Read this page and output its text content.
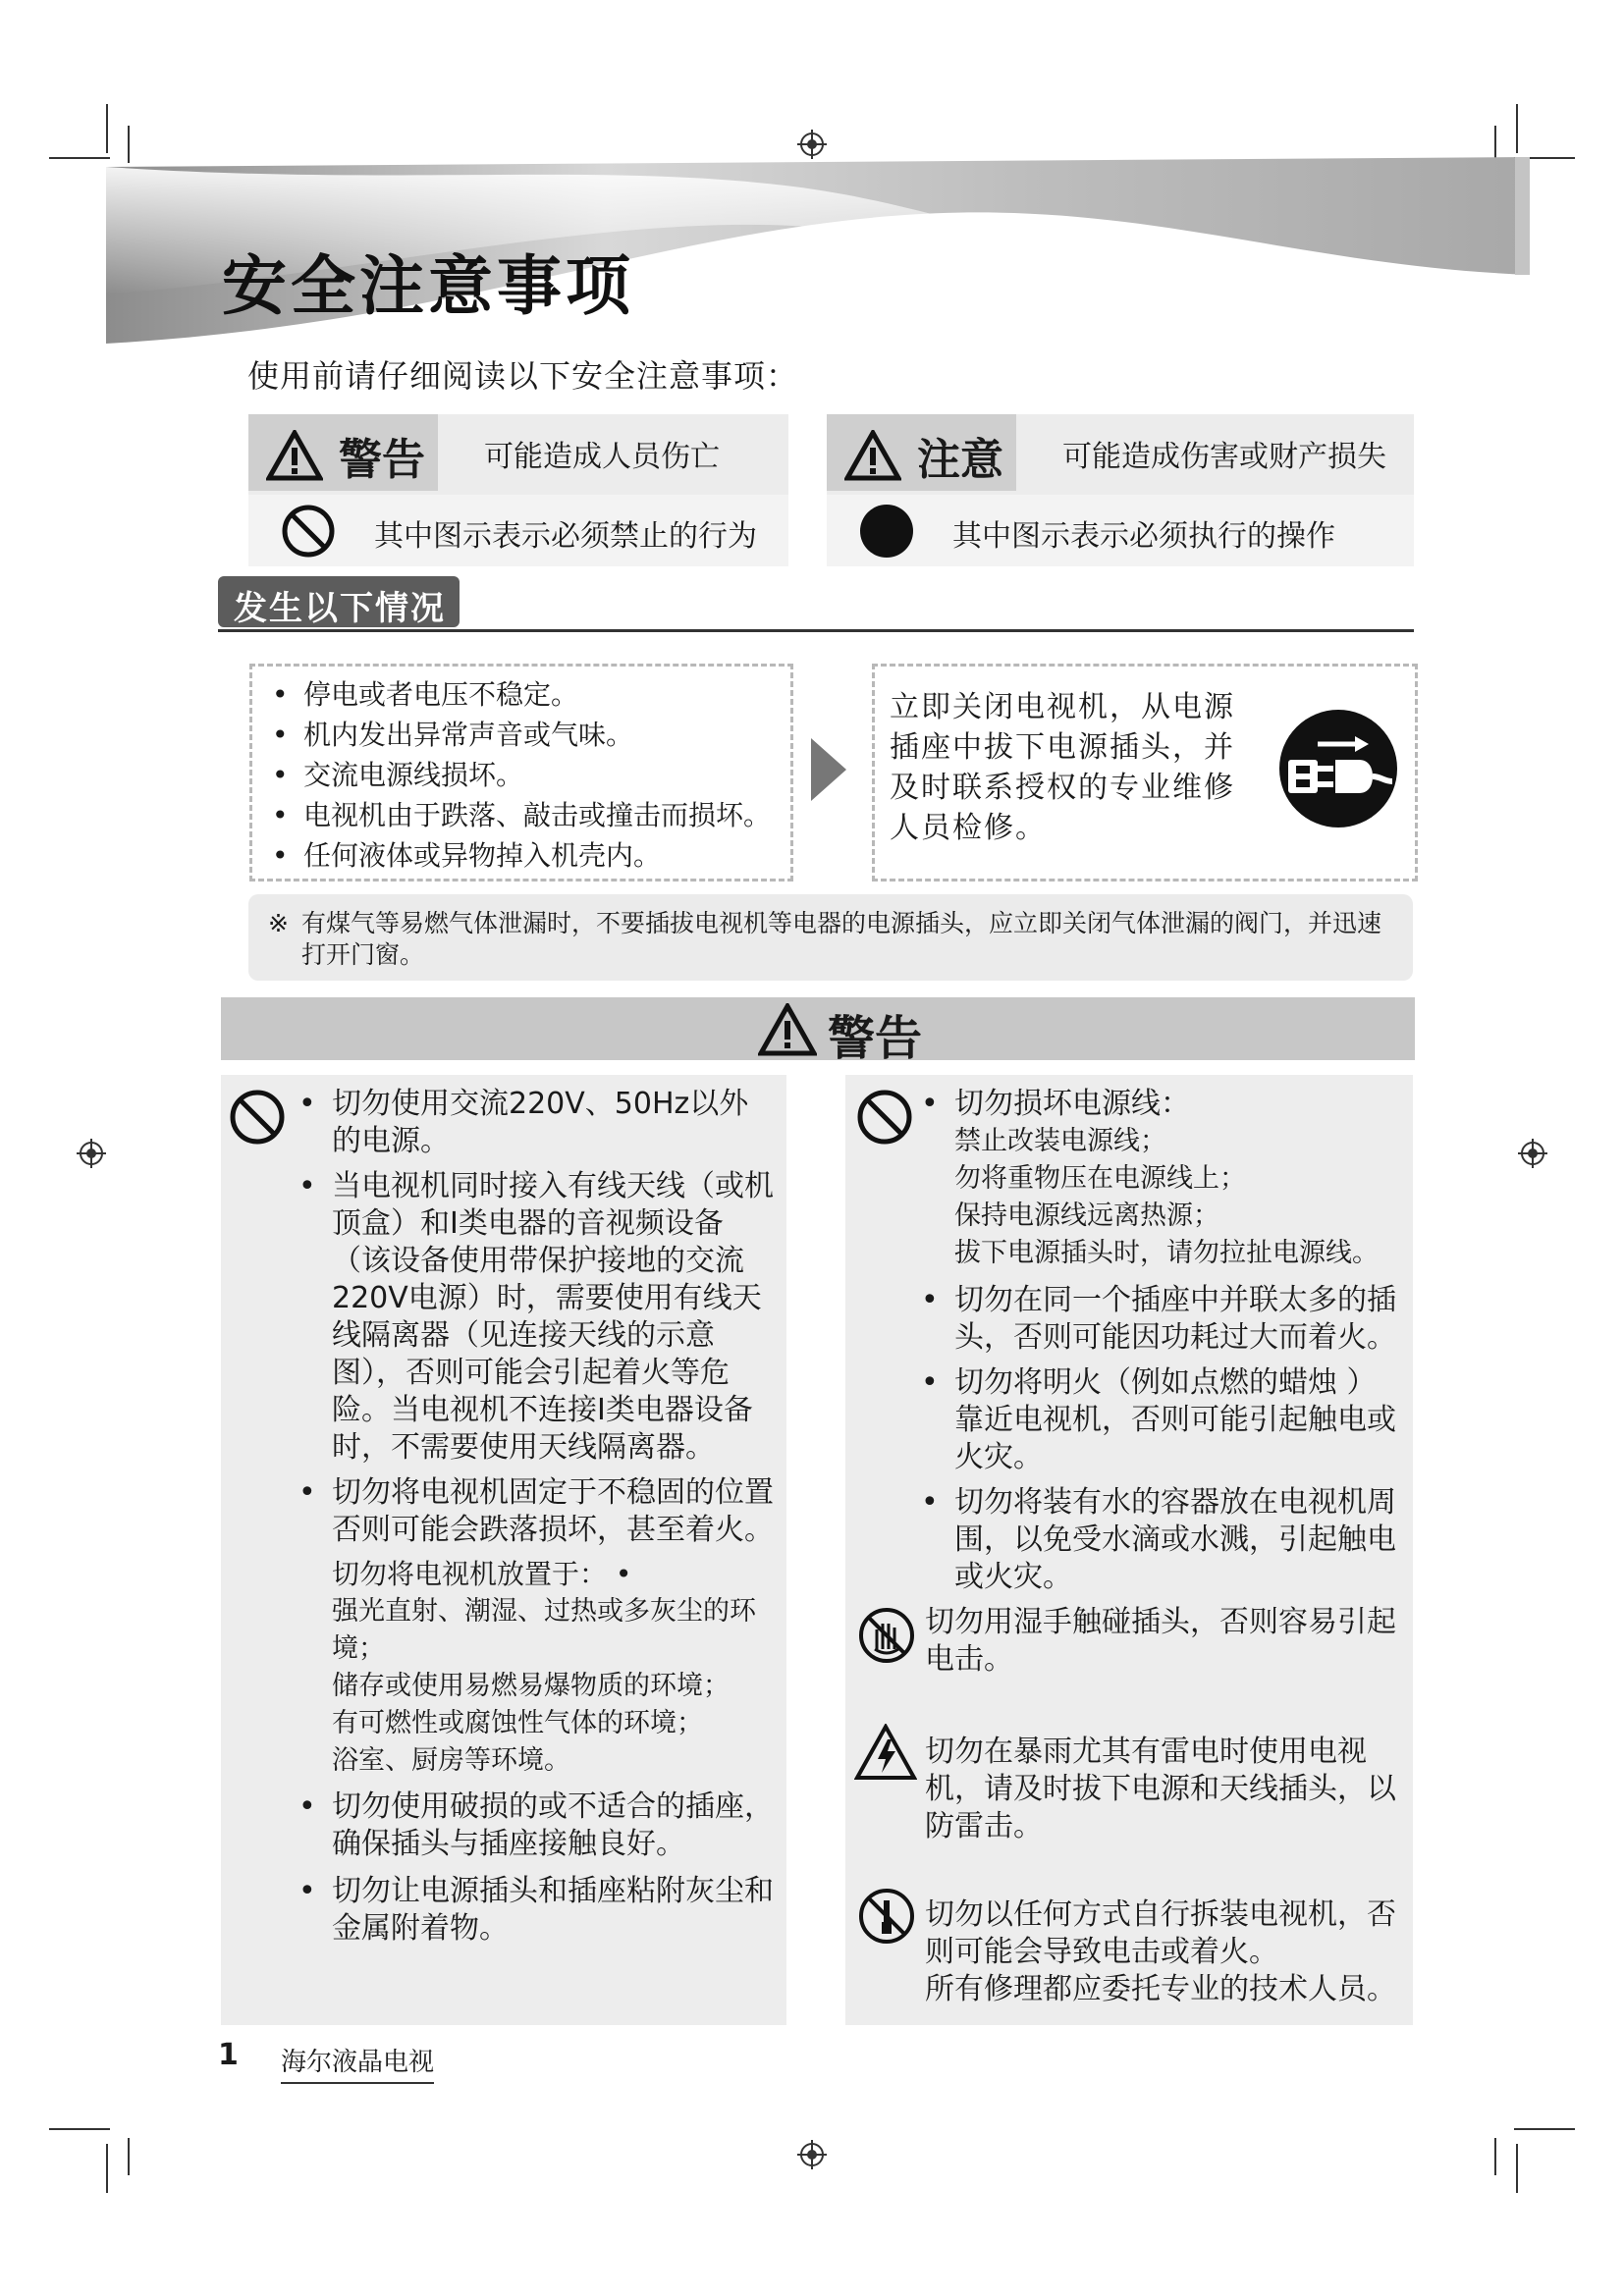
安全注意事项
使用前请仔细阅读以下安全注意事项：
警告 可能造成人员伤亡
其中图示表示必须禁止的行为
注意 可能造成伤害或财产损失
其中图示表示必须执行的操作
发生以下情况
• 停电或者电压不稳定。
• 机内发出异常声音或气味。
• 交流电源线损坏。
• 电视机由于跌落、敲击或撞击而损坏。
• 任何液体或异物掉入机壳内。
立即关闭电视机，从电源插座中拔下电源插头，并及时联系授权的专业维修人员检修。
※ 有煤气等易燃气体泄漏时，不要插拔电视机等电器的电源插头，应立即关闭气体泄漏的阀门，并迅速打开门窗。
警告
• 切勿使用交流220V、50Hz以外的电源。
• 当电视机同时接入有线天线（或机顶盒）和I类电器的音视频设备（该设备使用带保护接地的交流 220V电源）时，需要使用有线天线隔离器（见连接天线的示意图），否则可能会引起着火等危险。当电视机不连接I类电器设备时，不需要使用天线隔离器。
• 切勿将电视机固定于不稳固的位置否则可能会跌落损坏，甚至着火。
切勿将电视机放置于： •
强光直射、潮湿、过热或多灰尘的环境；
储存或使用易燃易爆物质的环境；
有可燃性或腐蚀性气体的环境；
浴室、厨房等环境。
• 切勿使用破损的或不适合的插座，确保插头与插座接触良好。
• 切勿让电源插头和插座粘附灰尘和金属附着物。
• 切勿损坏电源线：
禁止改装电源线；
勿将重物压在电源线上；
保持电源线远离热源；
拔下电源插头时，请勿拉扯电源线。
• 切勿在同一个插座中并联太多的插头，否则可能因功耗过大而着火。
• 切勿将明火（例如点燃的蜡烛 ）靠近电视机，否则可能引起触电或火灾。
• 切勿将装有水的容器放在电视机周围，以免受水滴或水溅，引起触电或火灾。
切勿用湿手触碰插头，否则容易引起电击。
切勿在暴雨尤其有雷电时使用电视机，请及时拔下电源和天线插头，以防雷击。
切勿以任何方式自行拆装电视机，否则可能会导致电击或着火。
所有修理都应委托专业的技术人员。
1 海尔液晶电视
